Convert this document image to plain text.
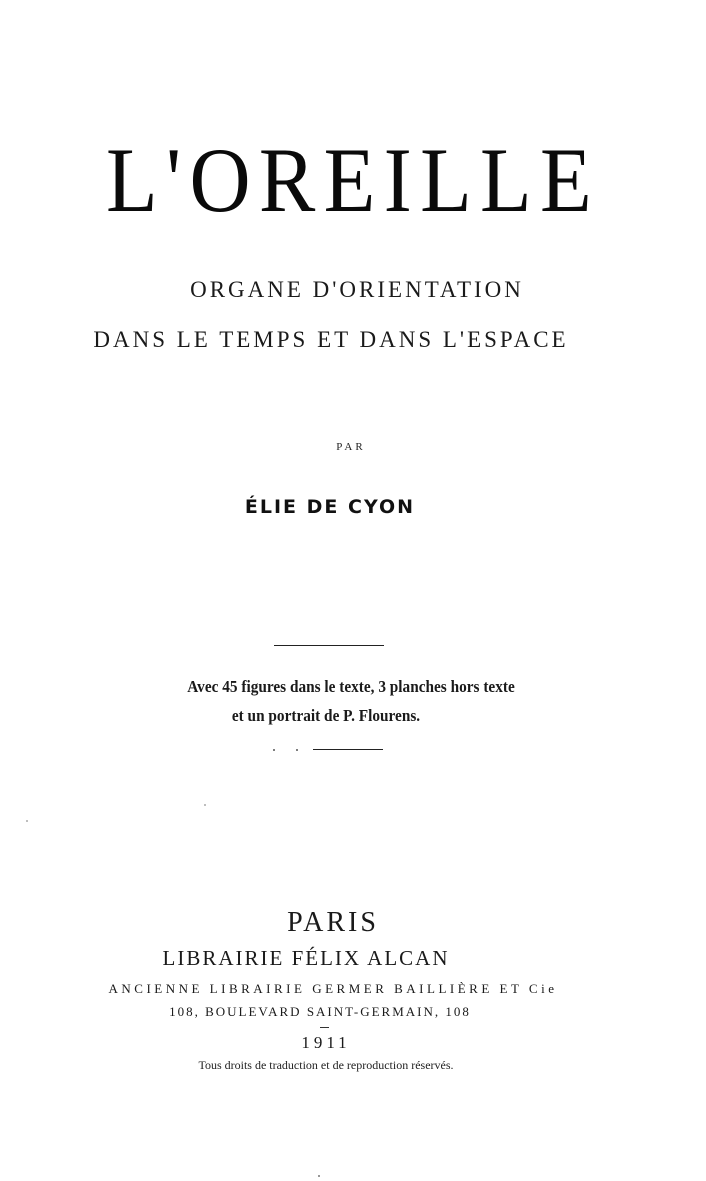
L'OREILLE

ORGANE D'ORIENTATION

DANS LE TEMPS ET DANS L'ESPACE

PAR

ÉLIE DE CYON

Avec 45 figures dans le texte, 3 planches hors texte

et un portrait de P. Flourens.

PARIS

LIBRAIRIE FÉLIX ALCAN

ANCIENNE LIBRAIRIE GERMER BAILLIÈRE ET Cie

108, BOULEVARD SAINT-GERMAIN, 108

1911

Tous droits de traduction et de reproduction réservés.
